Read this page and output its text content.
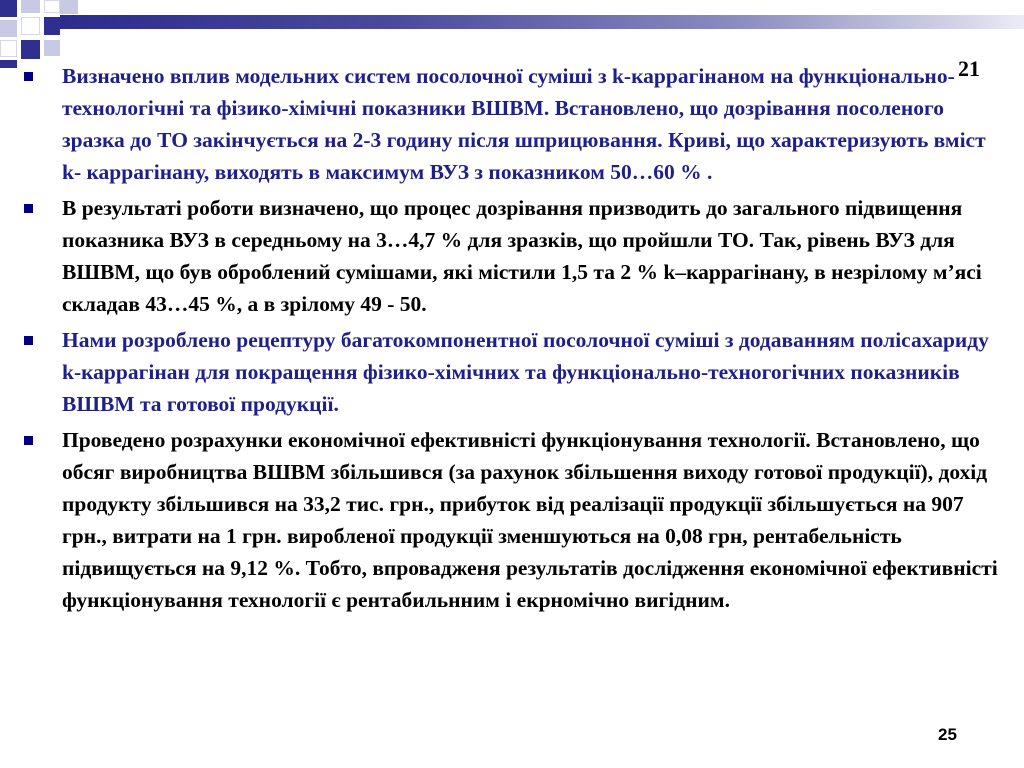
21
Визначено вплив модельних систем посолочної суміші з k-каррагінаном на функціонально-технологічні та фізико-хімічні показники ВШВМ. Встановлено, що дозрівання посоленого зразка до ТО закінчується на 2-3 годину після шприцювання. Криві, що характеризують вміст k- каррагінану, виходять в максимум ВУЗ з показником 50…60 % .
В результаті роботи визначено, що процес дозрівання призводить до загального підвищення показника ВУЗ в середньому на 3…4,7 % для зразків, що пройшли ТО. Так, рівень ВУЗ для ВШВМ, що був оброблений сумішами, які містили 1,5 та 2 % k–каррагінану, в незрілому м’ясі складав 43…45 %, а в зрілому 49 - 50.
Нами розроблено рецептуру багатокомпонентної посолочної суміші з додаванням полісахариду k-каррагінан для покращення фізико-хімічних та функціонально-техногогічних показників ВШВМ та готової продукції.
Проведено розрахунки економічної ефективністі функціонування технології. Встановлено, що обсяг виробництва ВШВМ збільшився (за рахунок збільшення виходу готової продукції), дохід продукту збільшився на 33,2 тис. грн., прибуток від реалізації продукції збільшується на 907 грн., витрати на 1 грн. виробленої продукції зменшуються на 0,08 грн, рентабельність підвищується на 9,12 %. Тобто, впровадженя результатів дослідження економічної ефективністі функціонування технології є рентабильнним і екрномічно вигідним.
25
